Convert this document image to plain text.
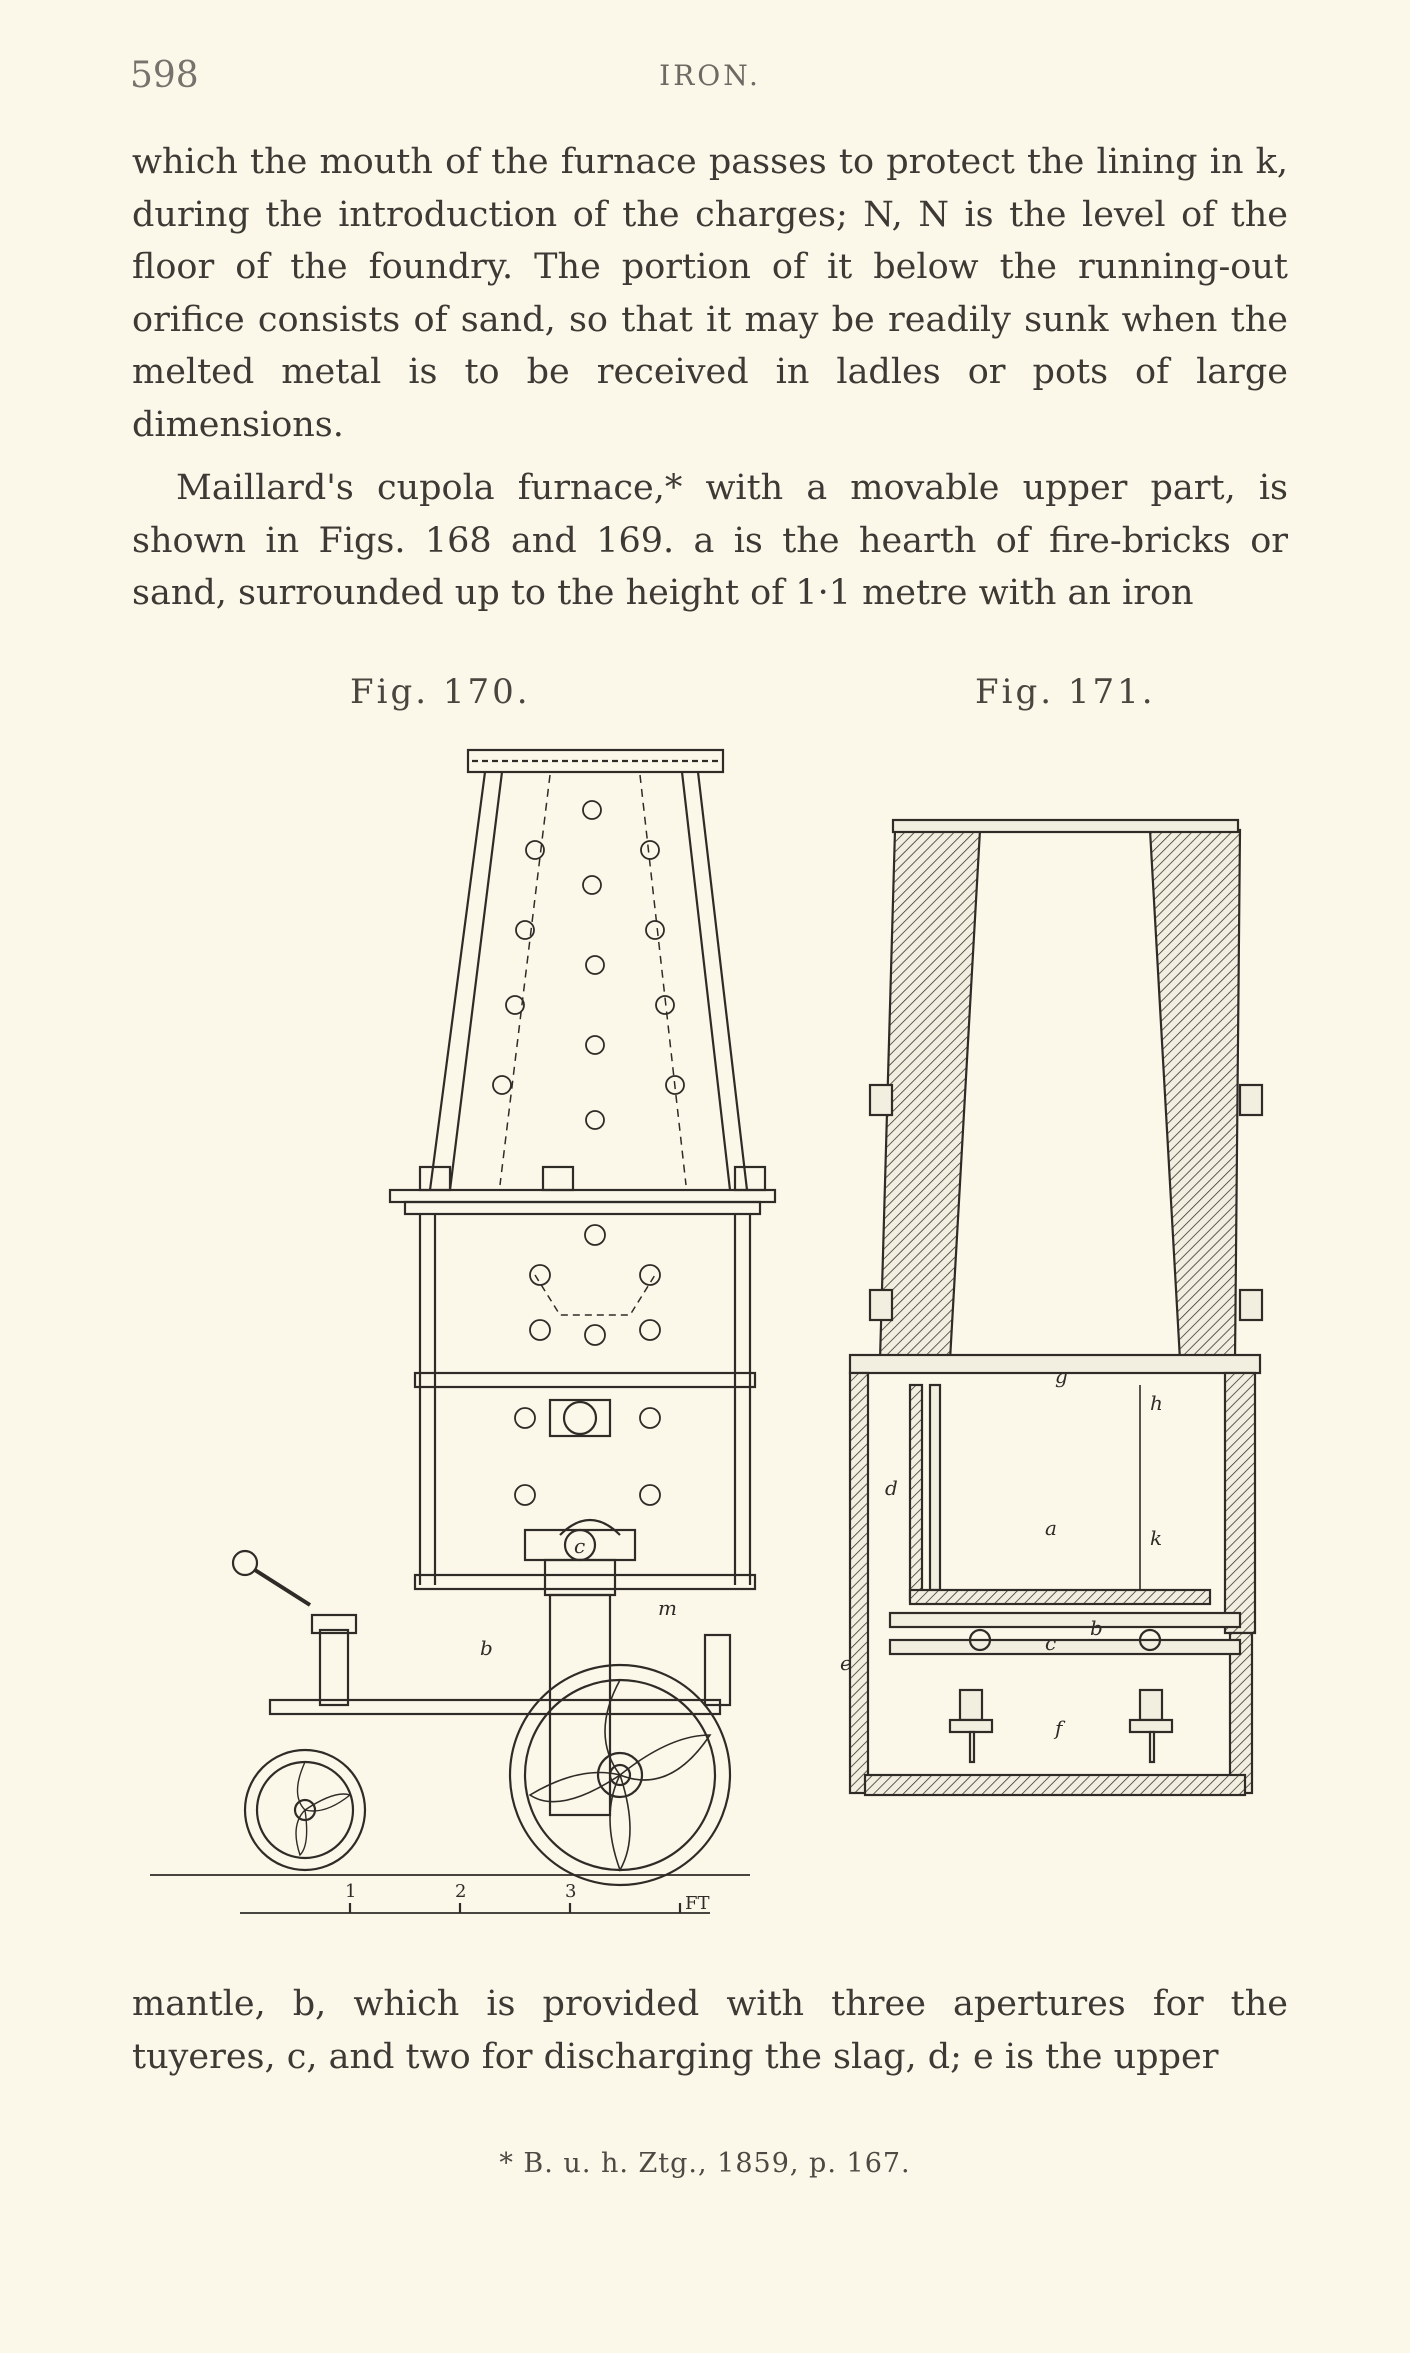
598	IRON.

which the mouth of the furnace passes to protect the lining in k, during the introduction of the charges; N, N is the level of the floor of the foundry. The portion of it below the running-out orifice consists of sand, so that it may be readily sunk when the melted metal is to be received in ladles or pots of large dimensions.

Maillard's cupola furnace,* with a movable upper part, is shown in Figs. 168 and 169. a is the hearth of fire-bricks or sand, surrounded up to the height of 1·1 metre with an iron

Fig. 170.	Fig. 171.
c
b
m
1	2	3
FT
g
h
d
a	k
b
c
e
f

mantle, b, which is provided with three apertures for the tuyeres, c, and two for discharging the slag, d; e is the upper

* B. u. h. Ztg., 1859, p. 167.
